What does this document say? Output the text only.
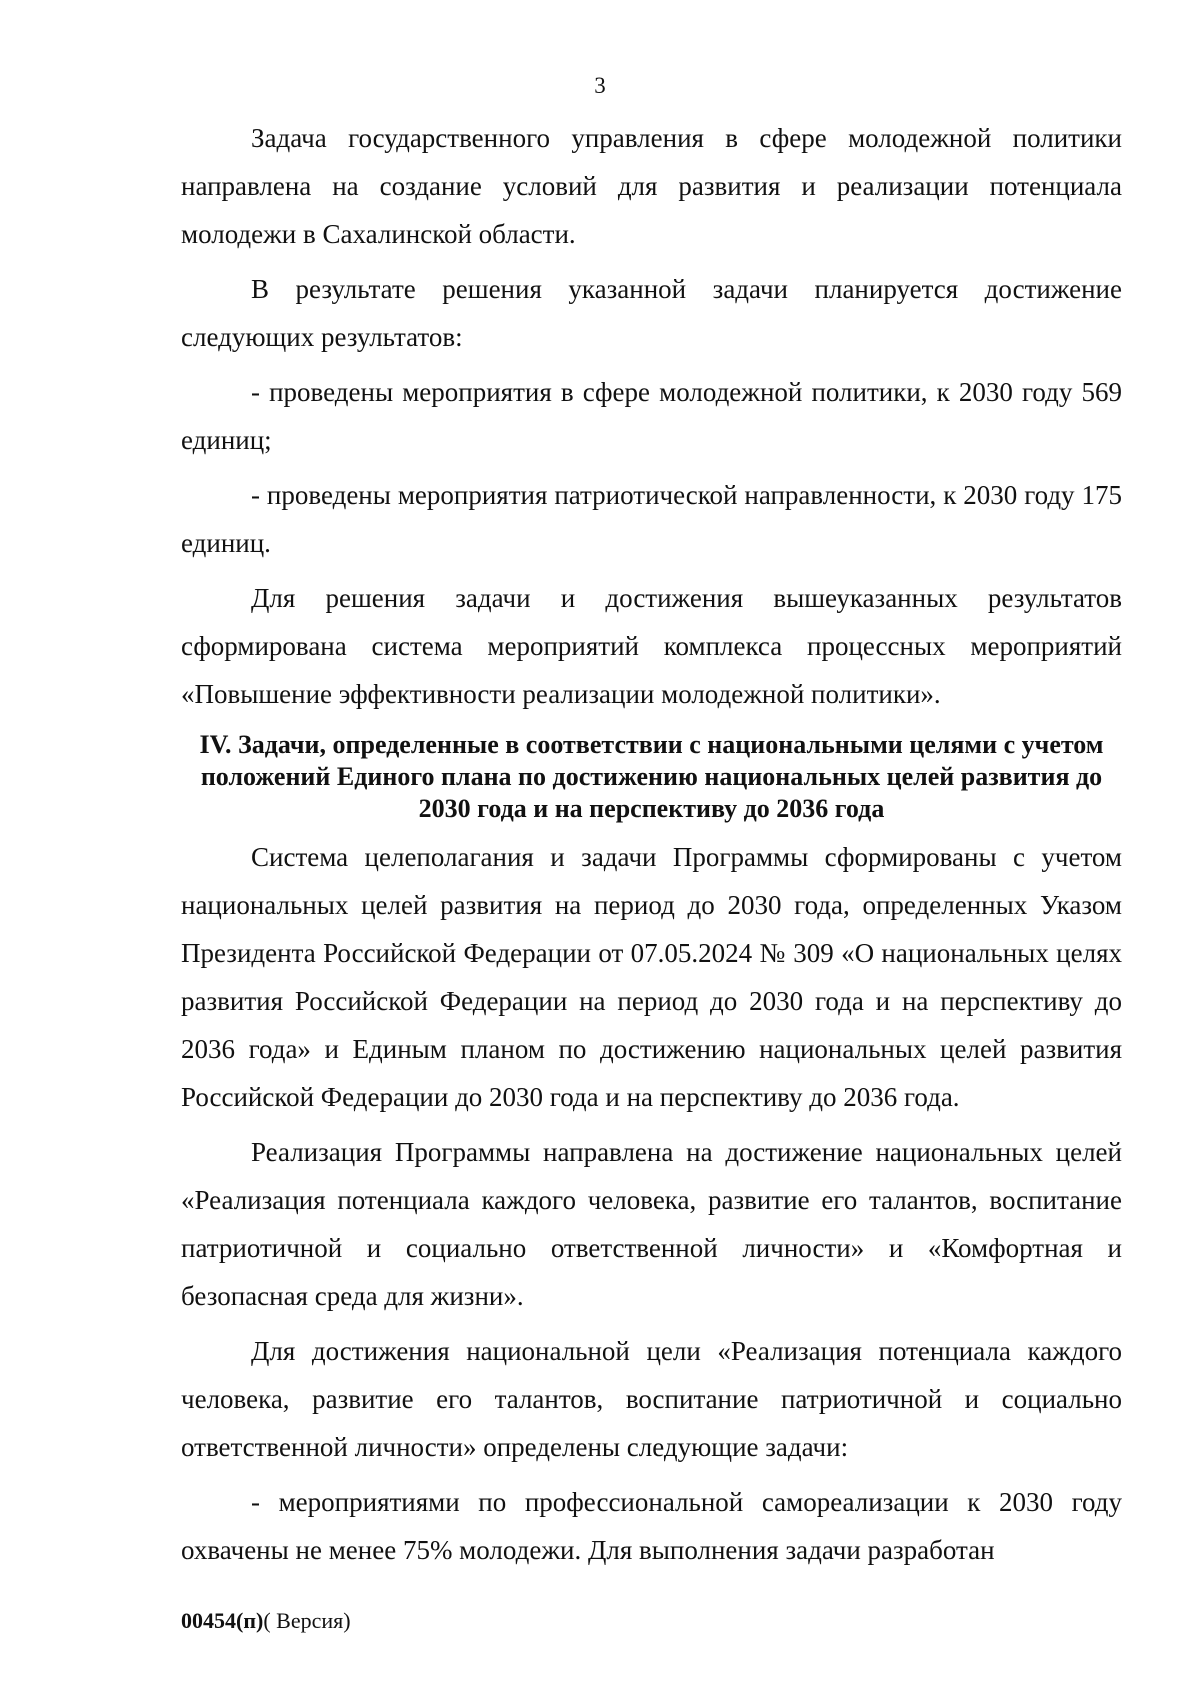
3

Задача государственного управления в сфере молодежной политики направлена на создание условий для развития и реализации потенциала молодежи в Сахалинской области.

В результате решения указанной задачи планируется достижение следующих результатов:

- проведены мероприятия в сфере молодежной политики, к 2030 году 569 единиц;

- проведены мероприятия патриотической направленности, к 2030 году 175 единиц.

Для решения задачи и достижения вышеуказанных результатов сформирована система мероприятий комплекса процессных мероприятий «Повышение эффективности реализации молодежной политики».

IV. Задачи, определенные в соответствии с национальными целями с учетом положений Единого плана по достижению национальных целей развития до 2030 года и на перспективу до 2036 года

Система целеполагания и задачи Программы сформированы с учетом национальных целей развития на период до 2030 года, определенных Указом Президента Российской Федерации от 07.05.2024 № 309 «О национальных целях развития Российской Федерации на период до 2030 года и на перспективу до 2036 года» и Единым планом по достижению национальных целей развития Российской Федерации до 2030 года и на перспективу до 2036 года.

Реализация Программы направлена на достижение национальных целей «Реализация потенциала каждого человека, развитие его талантов, воспитание патриотичной и социально ответственной личности» и «Комфортная и безопасная среда для жизни».

Для достижения национальной цели «Реализация потенциала каждого человека, развитие его талантов, воспитание патриотичной и социально ответственной личности» определены следующие задачи:

- мероприятиями по профессиональной самореализации к 2030 году охвачены не менее 75% молодежи. Для выполнения задачи разработан

00454(п)( Версия)
